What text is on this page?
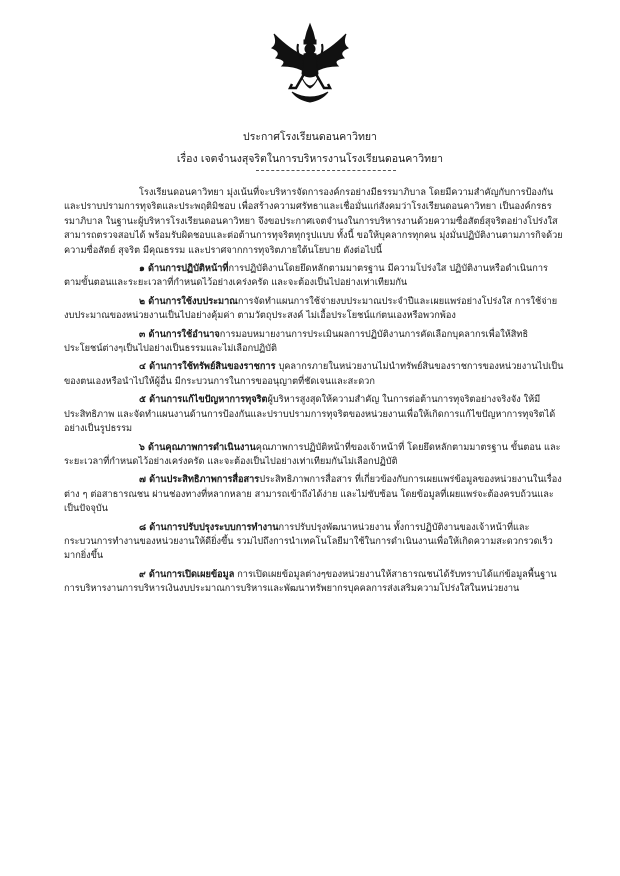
ประกาศโรงเรียนดอนคาวิทยา
เรื่อง เจตจำนงสุจริตในการบริหารงานโรงเรียนดอนคาวิทยา

โรงเรียนดอนคาวิทยา มุ่งเน้นที่จะบริหารจัดการองค์กรอย่างมีธรรมาภิบาล โดยมีความสำคัญกับการป้องกันและปราบปรามการทุจริตและประพฤติมิชอบ เพื่อสร้างความศรัทธาและเชื่อมั่นแก่สังคมว่าโรงเรียนดอนคาวิทยา เป็นองค์กรธรรมาภิบาล ในฐานะผู้บริหารโรงเรียนดอนคาวิทยา จึงขอประกาศเจตจำนงในการบริหารงานด้วยความซื่อสัตย์สุจริตอย่างโปร่งใส สามารถตรวจสอบได้ พร้อมรับผิดชอบและต่อต้านการทุจริตทุกรูปแบบ ทั้งนี้ ขอให้บุคลากรทุกคน มุ่งมั่นปฏิบัติงานตามภารกิจด้วยความซื่อสัตย์ สุจริต มีคุณธรรม และปราศจากการทุจริตภายใต้นโยบาย ดังต่อไปนี้

๑ ด้านการปฏิบัติหน้าที่การปฏิบัติงานโดยยึดหลักตามมาตรฐาน มีความโปร่งใส ปฏิบัติงานหรือดำเนินการตามขั้นตอนและระยะเวลาที่กำหนดไว้อย่างเคร่งครัด และจะต้องเป็นไปอย่างเท่าเทียมกัน

๒ ด้านการใช้งบประมาณการจัดทำแผนการใช้จ่ายงบประมาณประจำปีและเผยแพร่อย่างโปร่งใส การใช้จ่ายงบประมาณของหน่วยงานเป็นไปอย่างคุ้มค่า ตามวัตถุประสงค์ ไม่เอื้อประโยชน์แก่ตนเองหรือพวกพ้อง

๓ ด้านการใช้อำนาจการมอบหมายงานการประเมินผลการปฏิบัติงานการคัดเลือกบุคลากรเพื่อให้สิทธิประโยชน์ต่างๆเป็นไปอย่างเป็นธรรมและไม่เลือกปฏิบัติ

๔ ด้านการใช้ทรัพย์สินของราชการ บุคลากรภายในหน่วยงานไม่นำทรัพย์สินของราชการของหน่วยงานไปเป็นของตนเองหรือนำไปให้ผู้อื่น มีกระบวนการในการขออนุญาตที่ชัดเจนและสะดวก

๕ ด้านการแก้ไขปัญหาการทุจริตผู้บริหารสูงสุดให้ความสำคัญ ในการต่อต้านการทุจริตอย่างจริงจัง ให้มีประสิทธิภาพ และจัดทำแผนงานด้านการป้องกันและปราบปรามการทุจริตของหน่วยงานเพื่อให้เกิดการแก้ไขปัญหาการทุจริตได้อย่างเป็นรูปธรรม

๖ ด้านคุณภาพการดำเนินงานคุณภาพการปฏิบัติหน้าที่ของเจ้าหน้าที่ โดยยึดหลักตามมาตรฐาน ขั้นตอน และระยะเวลาที่กำหนดไว้อย่างเคร่งครัด และจะต้องเป็นไปอย่างเท่าเทียมกันไม่เลือกปฏิบัติ

๗ ด้านประสิทธิภาพการสื่อสารประสิทธิภาพการสื่อสาร ที่เกี่ยวข้องกับการเผยแพร่ข้อมูลของหน่วยงานในเรื่องต่าง ๆ ต่อสาธารณชน ผ่านช่องทางที่หลากหลาย สามารถเข้าถึงได้ง่าย และไม่ซับซ้อน โดยข้อมูลที่เผยแพร่จะต้องครบถ้วนและเป็นปัจจุบัน

๘ ด้านการปรับปรุงระบบการทำงานการปรับปรุงพัฒนาหน่วยงาน ทั้งการปฏิบัติงานของเจ้าหน้าที่และกระบวนการทำงานของหน่วยงานให้ดียิ่งขึ้น รวมไปถึงการนำเทคโนโลยีมาใช้ในการดำเนินงานเพื่อให้เกิดความสะดวกรวดเร็วมากยิ่งขึ้น

๙ ด้านการเปิดเผยข้อมูล การเปิดเผยข้อมูลต่างๆของหน่วยงานให้สาธารณชนได้รับทราบได้แก่ข้อมูลพื้นฐานการบริหารงานการบริหารเงินงบประมาณการบริหารและพัฒนาทรัพยากรบุคคลการส่งเสริมความโปร่งใสในหน่วยงาน
